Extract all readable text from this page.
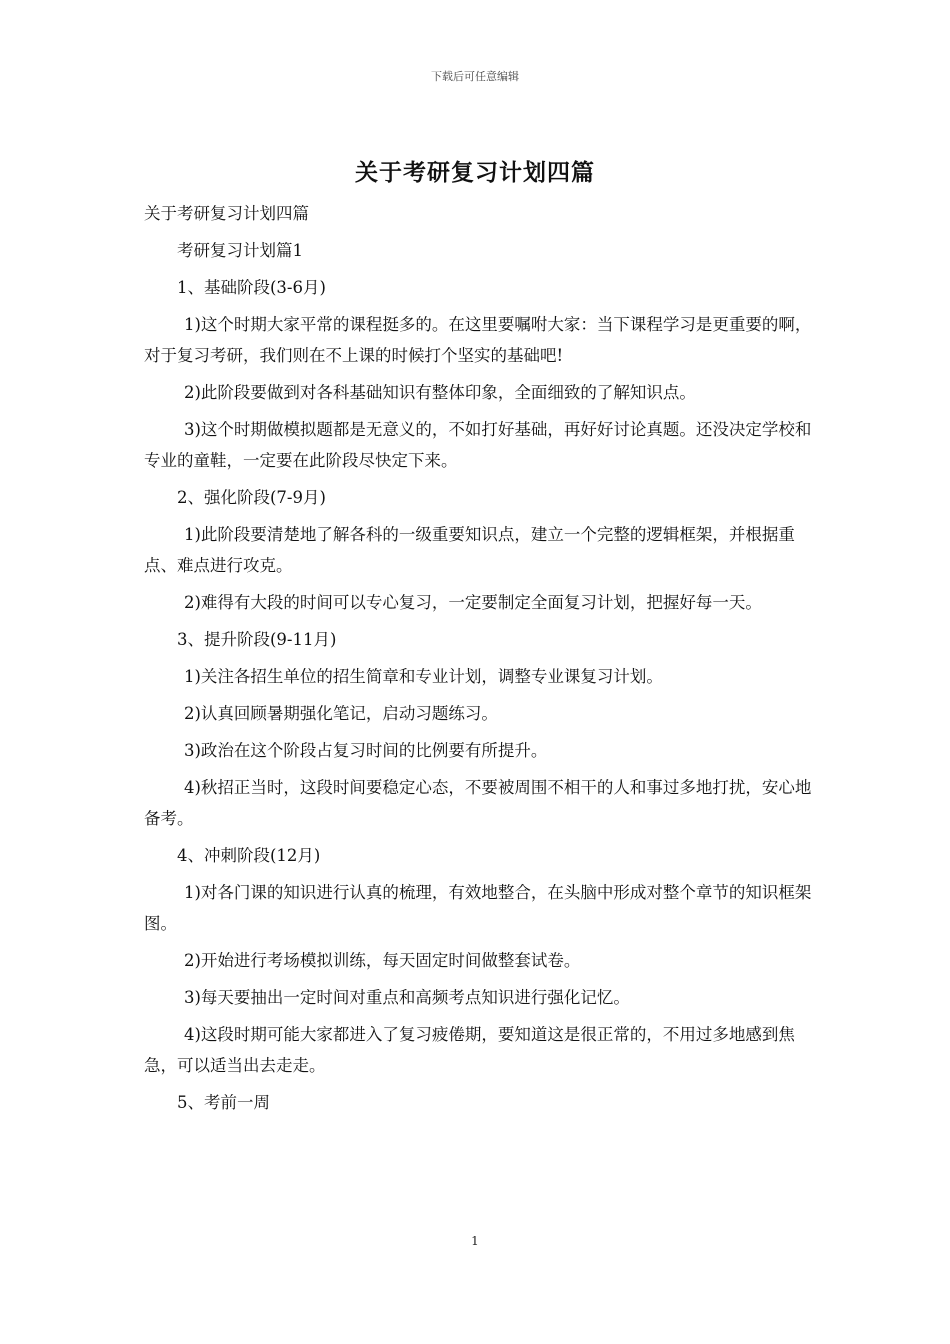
下载后可任意编辑
关于考研复习计划四篇

关于考研复习计划四篇

考研复习计划篇1

1、基础阶段(3-6月)

1)这个时期大家平常的课程挺多的。在这里要嘱咐大家：当下课程学习是更重要的啊，对于复习考研，我们则在不上课的时候打个坚实的基础吧!

2)此阶段要做到对各科基础知识有整体印象，全面细致的了解知识点。

3)这个时期做模拟题都是无意义的，不如打好基础，再好好讨论真题。还没决定学校和专业的童鞋，一定要在此阶段尽快定下来。

2、强化阶段(7-9月)

1)此阶段要清楚地了解各科的一级重要知识点，建立一个完整的逻辑框架，并根据重点、难点进行攻克。

2)难得有大段的时间可以专心复习，一定要制定全面复习计划，把握好每一天。

3、提升阶段(9-11月)

1)关注各招生单位的招生简章和专业计划，调整专业课复习计划。

2)认真回顾暑期强化笔记，启动习题练习。

3)政治在这个阶段占复习时间的比例要有所提升。

4)秋招正当时，这段时间要稳定心态，不要被周围不相干的人和事过多地打扰，安心地备考。

4、冲刺阶段(12月)

1)对各门课的知识进行认真的梳理，有效地整合，在头脑中形成对整个章节的知识框架图。

2)开始进行考场模拟训练，每天固定时间做整套试卷。

3)每天要抽出一定时间对重点和高频考点知识进行强化记忆。

4)这段时期可能大家都进入了复习疲倦期，要知道这是很正常的，不用过多地感到焦急，可以适当出去走走。

5、考前一周

1
